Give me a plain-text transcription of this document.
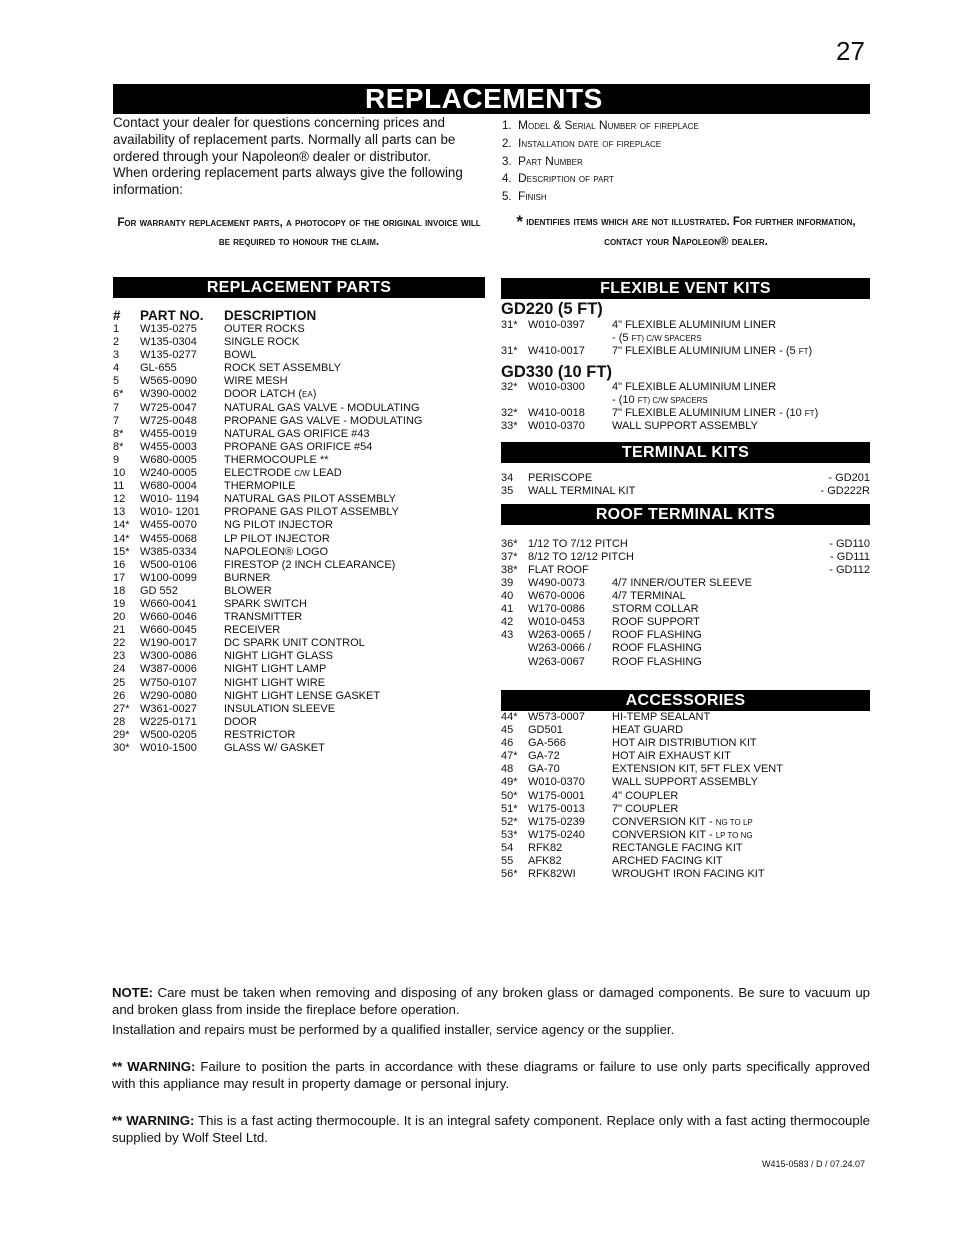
27
REPLACEMENTS

Contact your dealer for questions concerning prices and availability of replacement parts. Normally all parts can be ordered through your Napoleon® dealer or distributor.

When ordering replacement parts always give the following information:

1. Model & Serial Number of fireplace
2. Installation date of fireplace
3. Part Number
4. Description of part
5. Finish
For warranty replacement parts, a photocopy of the original invoice will be required to honour the claim.
* identifies items which are not illustrated. For further information, contact your Napoleon® dealer.
REPLACEMENT PARTS
# PART NO. DESCRIPTION
1 W135-0275 OUTER ROCKS
2 W135-0304 SINGLE ROCK
3 W135-0277 BOWL
4 GL-655	ROCK SET ASSEMBLY
5 W565-0090 WIRE MESH
6* W390-0002 DOOR LATCH (EA)
7 W725-0047 NATURAL GAS VALVE - MODULATING
7 W725-0048 PROPANE GAS VALVE - MODULATING
8* W455-0019 NATURAL GAS ORIFICE #43
8* W455-0003 PROPANE GAS ORIFICE #54
9 W680-0005 THERMOCOUPLE **
10 W240-0005 ELECTRODE C/W LEAD
11 W680-0004 THERMOPILE
12 W010- 1194 NATURAL GAS PILOT ASSEMBLY
13 W010- 1201 PROPANE GAS PILOT ASSEMBLY
14* W455-0070 NG PILOT INJECTOR
14* W455-0068 LP PILOT INJECTOR
15* W385-0334 NAPOLEON® LOGO
16 W500-0106 FIRESTOP (2 INCH CLEARANCE)
17 W100-0099 BURNER
18 GD 552	BLOWER
19 W660-0041 SPARK SWITCH
20 W660-0046 TRANSMITTER
21 W660-0045 RECEIVER
22 W190-0017 DC SPARK UNIT CONTROL
23 W300-0086 NIGHT LIGHT GLASS
24 W387-0006 NIGHT LIGHT LAMP
25 W750-0107 NIGHT LIGHT WIRE
26 W290-0080 NIGHT LIGHT LENSE GASKET
27* W361-0027 INSULATION SLEEVE
28 W225-0171 DOOR
29* W500-0205 RESTRICTOR
30* W010-1500 GLASS W/ GASKET
FLEXIBLE VENT KITS
GD220 (5 FT)
31* W010-0397 4" FLEXIBLE ALUMINIUM LINER
- (5 FT) C/W SPACERS
31* W410-0017 7" FLEXIBLE ALUMINIUM LINER - (5 FT)
GD330 (10 FT)
32* W010-0300 4" FLEXIBLE ALUMINIUM LINER
- (10 FT) C/W SPACERS
32* W410-0018 7" FLEXIBLE ALUMINIUM LINER - (10 FT)
33* W010-0370 WALL SUPPORT ASSEMBLY
TERMINAL KITS
34 PERISCOPE	- GD201
35 WALL TERMINAL KIT	- GD222R
ROOF TERMINAL KITS
36* 1/12 TO 7/12 PITCH	- GD110
37* 8/12 TO 12/12 PITCH	- GD111
38* FLAT ROOF	- GD112
39 W490-0073 4/7 INNER/OUTER SLEEVE
40 W670-0006 4/7 TERMINAL
41 W170-0086 STORM COLLAR
42 W010-0453 ROOF SUPPORT
43 W263-0065 / ROOF FLASHING
W263-0066 / ROOF FLASHING
W263-0067 ROOF FLASHING
ACCESSORIES
44* W573-0007 HI-TEMP SEALANT
45 GD501	HEAT GUARD
46 GA-566	HOT AIR DISTRIBUTION KIT
47* GA-72	HOT AIR EXHAUST KIT
48 GA-70	EXTENSION KIT, 5FT FLEX VENT
49* W010-0370 WALL SUPPORT ASSEMBLY
50* W175-0001 4" COUPLER
51* W175-0013 7" COUPLER
52* W175-0239 CONVERSION KIT - NG TO LP
53* W175-0240 CONVERSION KIT - LP TO NG
54 RFK82	RECTANGLE FACING KIT
55 AFK82	ARCHED FACING KIT
56* RFK82WI	WROUGHT IRON FACING KIT

NOTE: Care must be taken when removing and disposing of any broken glass or damaged components. Be sure to vacuum up and broken glass from inside the fireplace before operation.

Installation and repairs must be performed by a qualified installer, service agency or the supplier.

** WARNING: Failure to position the parts in accordance with these diagrams or failure to use only parts specifically approved with this appliance may result in property damage or personal injury.

** WARNING: This is a fast acting thermocouple. It is an integral safety component. Replace only with a fast acting thermocouple supplied by Wolf Steel Ltd.

W415-0583 / D / 07.24.07
